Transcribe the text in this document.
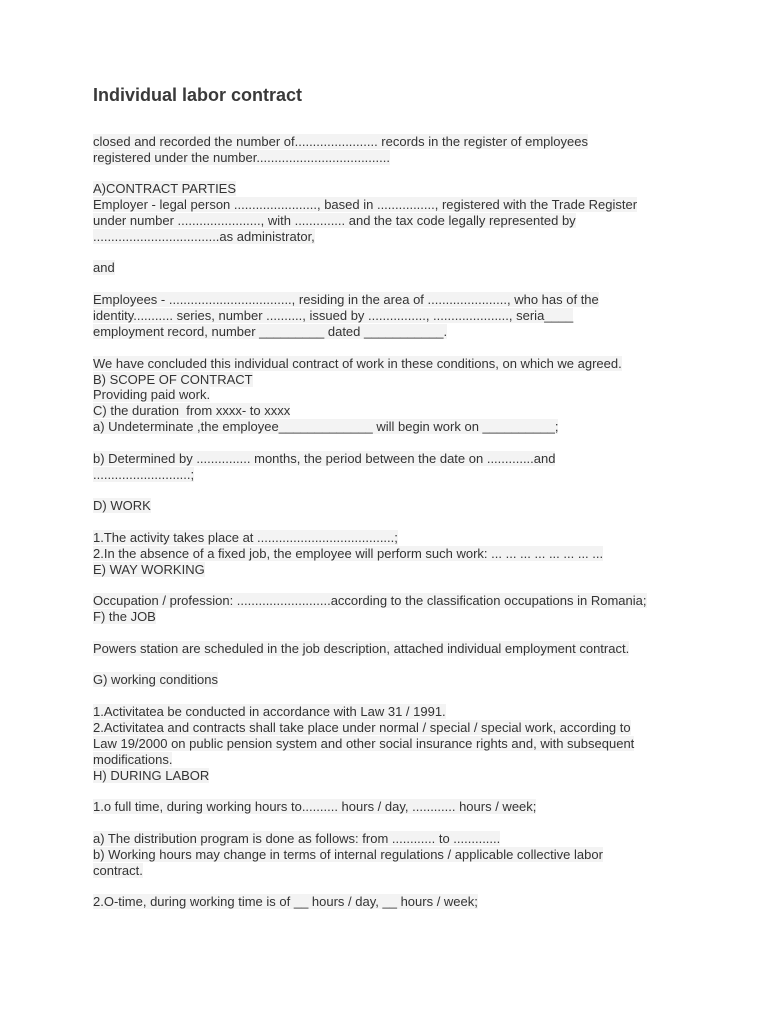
Individual labor contract
closed and recorded the number of....................... records in the register of employees
registered under the number.....................................
A)CONTRACT PARTIES
Employer - legal person ......................., based in ................, registered with the Trade Register
under number ......................., with .............. and the tax code legally represented by
...................................as administrator,
and
Employees - .................................., residing in the area of ......................, who has of the
identity........... series, number .........., issued by ................, ....................., seria____
employment record, number _________ dated ___________.
We have concluded this individual contract of work in these conditions, on which we agreed.
B) SCOPE OF CONTRACT
Providing paid work.
C) the duration  from xxxx- to xxxx
a) Undeterminate ,the employee_____________ will begin work on __________;
b) Determined by ............... months, the period between the date on .............and
...........................;
D) WORK
1.The activity takes place at ......................................;
2.In the absence of a fixed job, the employee will perform such work: ... ... ... ... ... ... ... ...
E) WAY WORKING
Occupation / profession: ..........................according to the classification occupations in Romania;
F) the JOB
Powers station are scheduled in the job description, attached individual employment contract.
G) working conditions
1.Activitatea be conducted in accordance with Law 31 / 1991.
2.Activitatea and contracts shall take place under normal / special / special work, according to
Law 19/2000 on public pension system and other social insurance rights and, with subsequent
modifications.
H) DURING LABOR
1.o full time, during working hours to.......... hours / day, ............ hours / week;
a) The distribution program is done as follows: from ............ to .............
b) Working hours may change in terms of internal regulations / applicable collective labor
contract.
2.O-time, during working time is of __ hours / day, __ hours / week;
